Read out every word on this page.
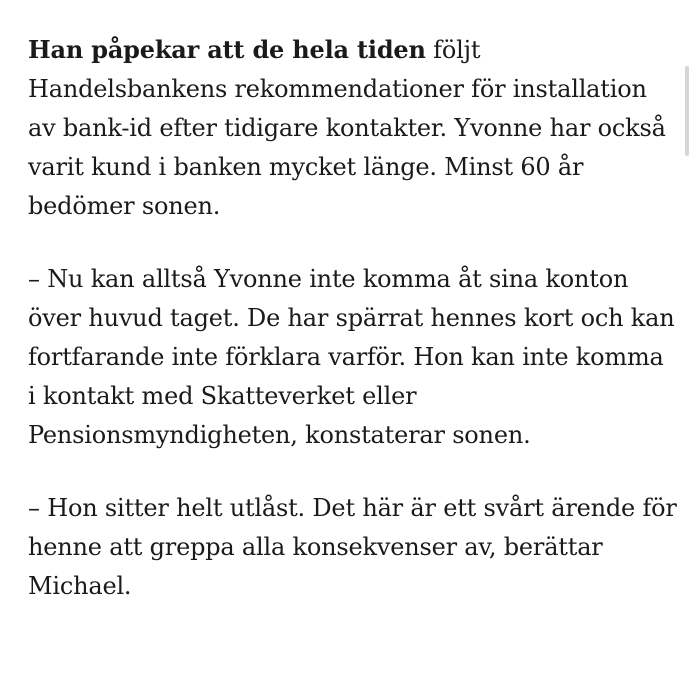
Han påpekar att de hela tiden följt Handelsbankens rekommendationer för installation av bank-id efter tidigare kontakter. Yvonne har också varit kund i banken mycket länge. Minst 60 år bedömer sonen.

– Nu kan alltså Yvonne inte komma åt sina konton över huvud taget. De har spärrat hennes kort och kan fortfarande inte förklara varför. Hon kan inte komma i kontakt med Skatteverket eller Pensionsmyndigheten, konstaterar sonen.

– Hon sitter helt utlåst. Det här är ett svårt ärende för henne att greppa alla konsekvenser av, berättar Michael.
